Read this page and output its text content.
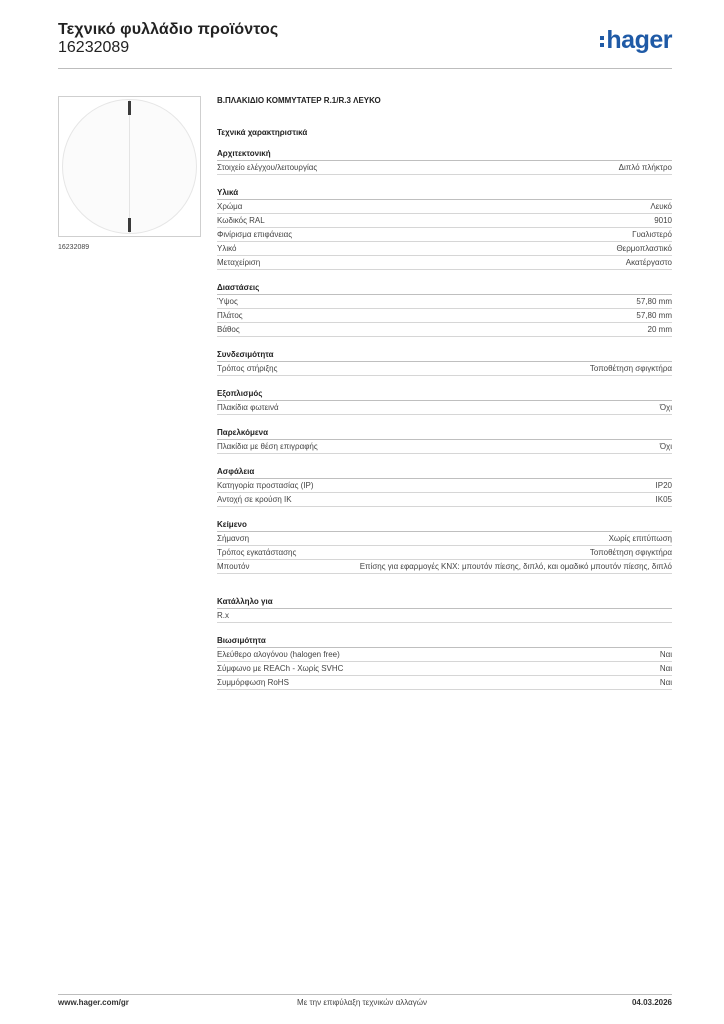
Τεχνικό φυλλάδιο προϊόντος
16232089	hager
16232089
Β.ΠΛΑΚΙΔΙΟ ΚΟΜΜΥΤΑΤΕΡ R.1/R.3 ΛΕΥΚΟ
Τεχνικά χαρακτηριστικά
Αρχιτεκτονική
Στοιχείο ελέγχου/λειτουργίας	Διπλό πλήκτρο
Υλικά
Χρώμα	Λευκό
Κωδικός RAL	9010
Φινίρισμα επιφάνειας	Γυαλιστερό
Υλικό	Θερμοπλαστικό
Μεταχείριση	Ακατέργαστο
Διαστάσεις
Ύψος	57,80 mm
Πλάτος	57,80 mm
Βάθος	20 mm
Συνδεσιμότητα
Τρόπος στήριξης	Τοποθέτηση σφιγκτήρα
Εξοπλισμός
Πλακίδια φωτεινά	Όχι
Παρελκόμενα
Πλακίδια με θέση επιγραφής	Όχι
Ασφάλεια
Κατηγορία προστασίας (IP)	IP20
Αντοχή σε κρούση IK	IK05
Κείμενο
Σήμανση	Χωρίς επιτύπωση
Τρόπος εγκατάστασης	Τοποθέτηση σφιγκτήρα
Μπουτόν	Επίσης για εφαρμογές KNX: μπουτόν πίεσης, διπλό, και ομαδικό μπουτόν πίεσης, διπλό
Κατάλληλο για
R.x
Βιωσιμότητα
Ελεύθερο αλογόνου (halogen free)	Ναι
Σύμφωνο με REACh - Χωρίς SVHC	Ναι
Συμμόρφωση RoHS	Ναι
www.hager.com/gr	Με την επιφύλαξη τεχνικών αλλαγών	04.03.2026
